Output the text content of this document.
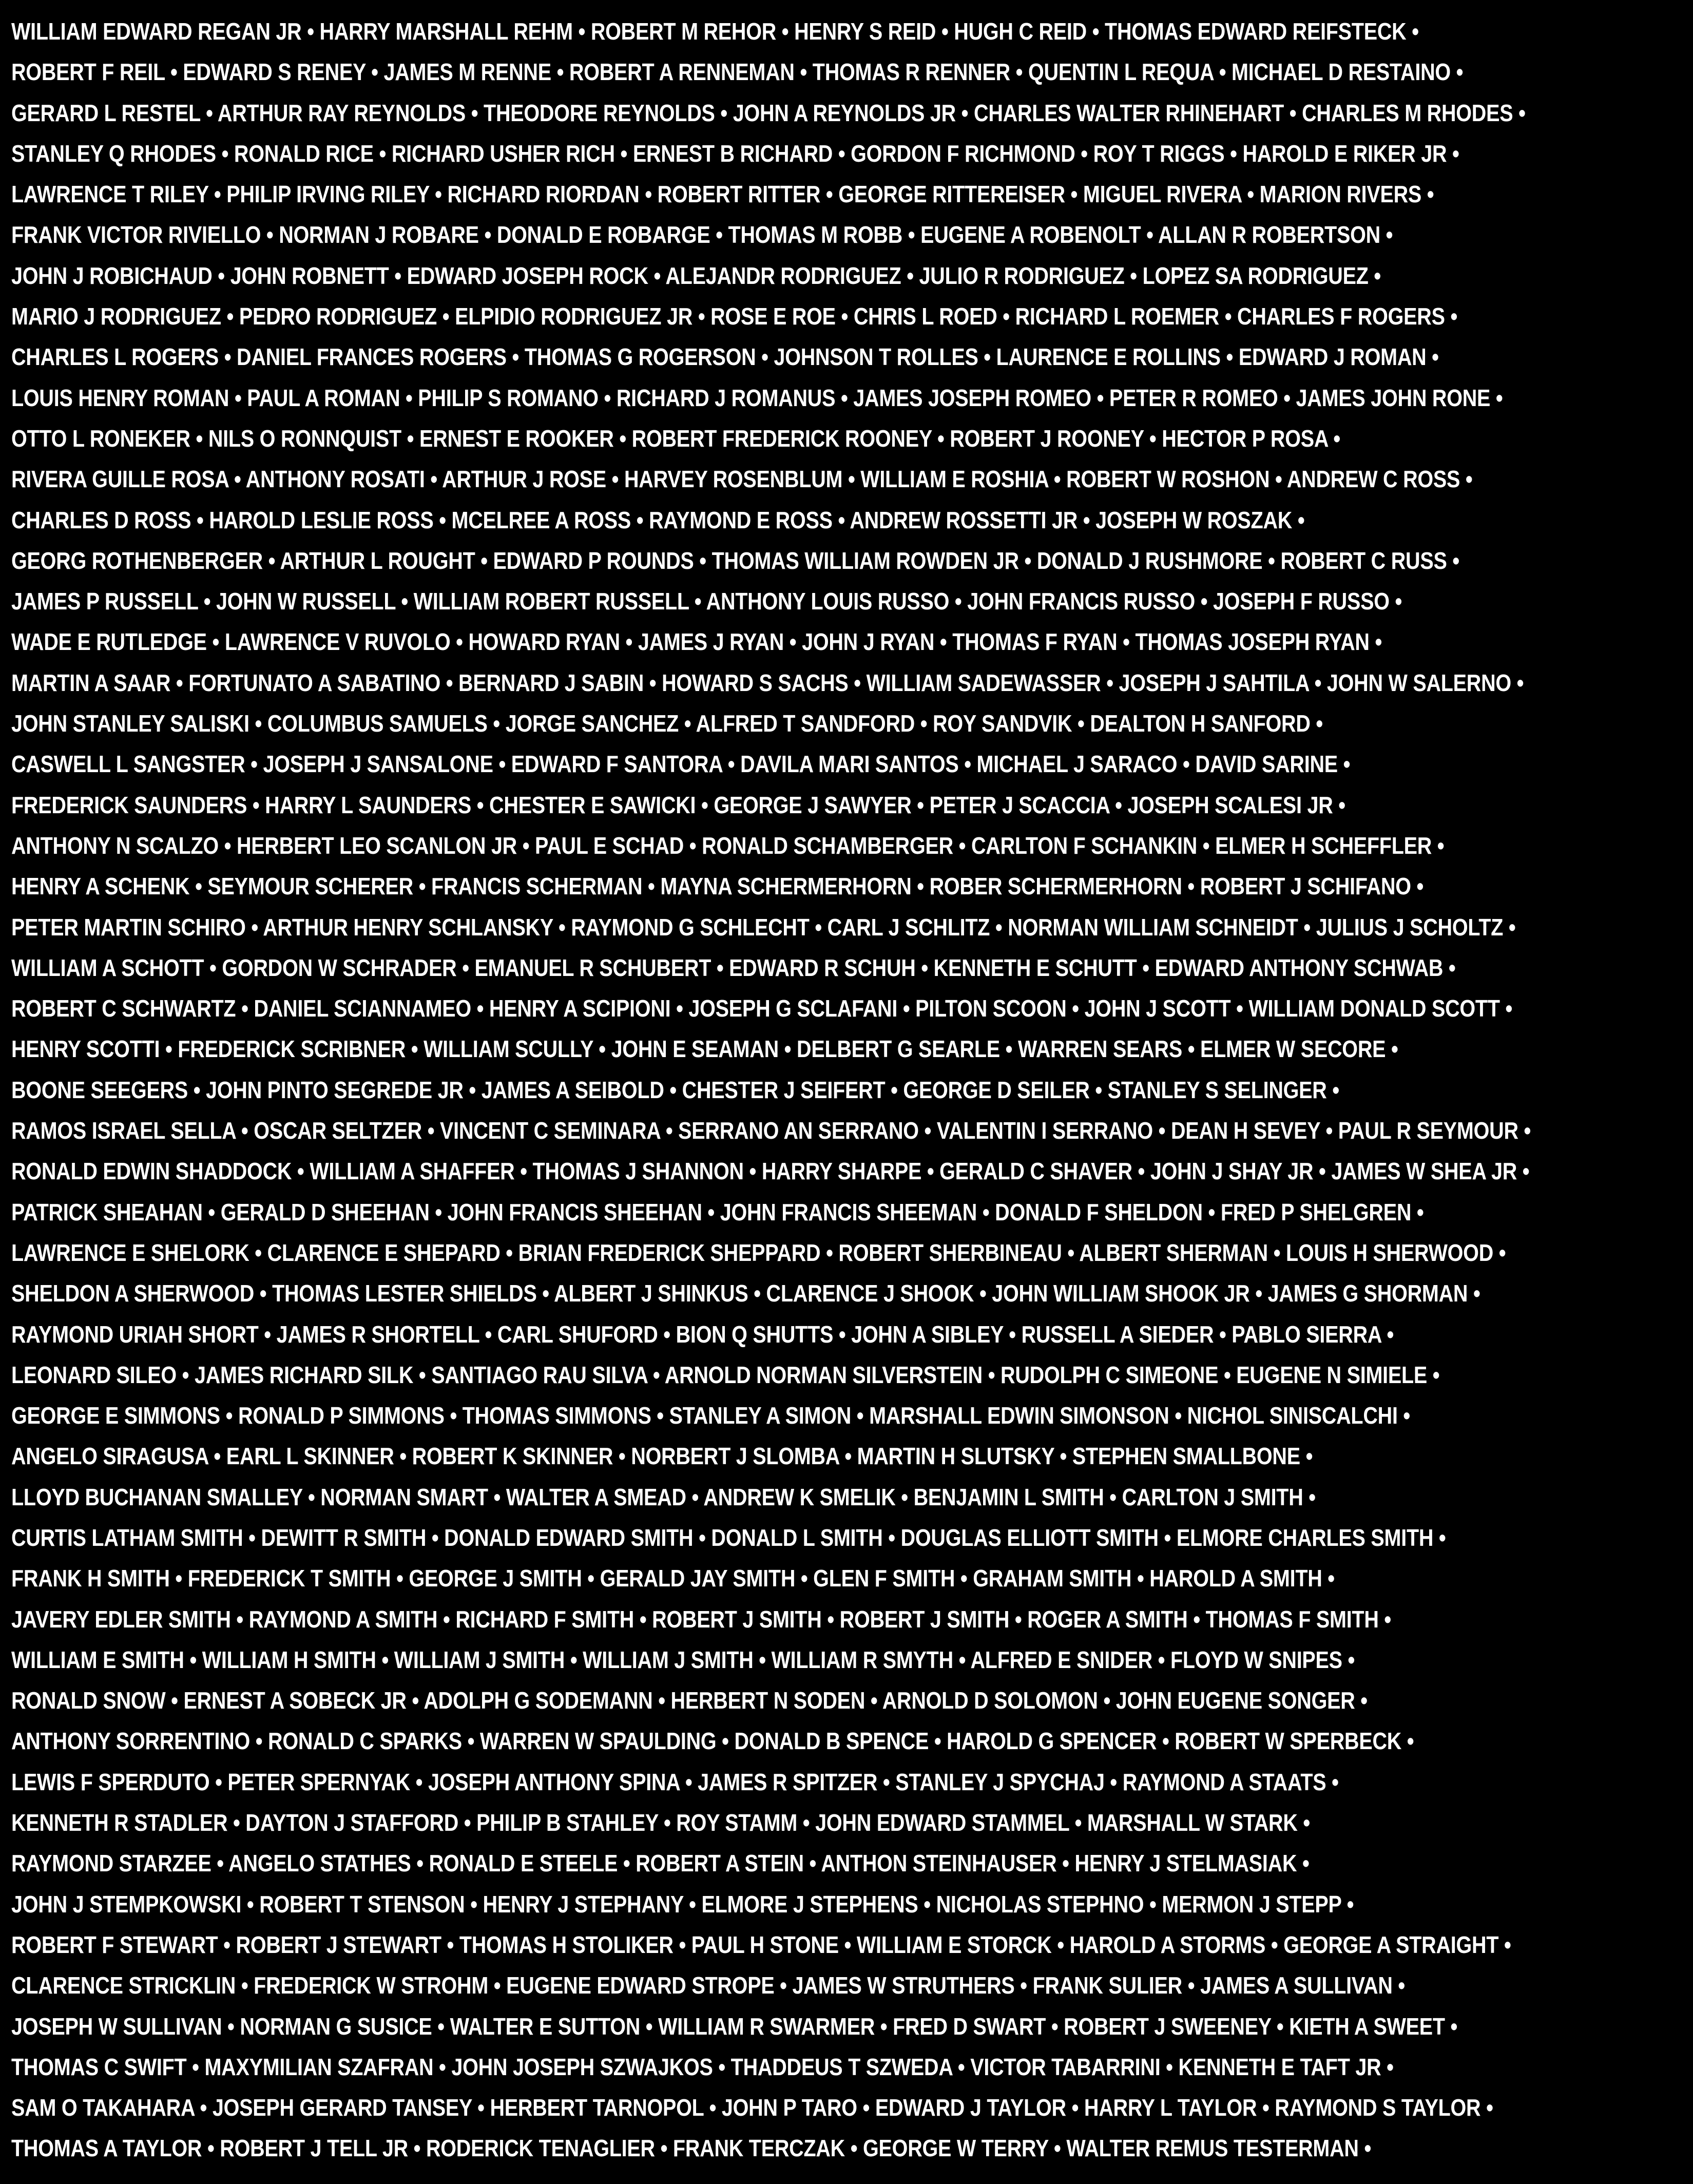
WILLIAM EDWARD REGAN JR • HARRY MARSHALL REHM • ROBERT M REHOR • HENRY S REID • HUGH C REID • THOMAS EDWARD REIFSTECK •
ROBERT F REIL • EDWARD S RENEY • JAMES M RENNE • ROBERT A RENNEMAN • THOMAS R RENNER • QUENTIN L REQUA • MICHAEL D RESTAINO •
GERARD L RESTEL • ARTHUR RAY REYNOLDS • THEODORE REYNOLDS • JOHN A REYNOLDS JR • CHARLES WALTER RHINEHART • CHARLES M RHODES •
STANLEY Q RHODES • RONALD RICE • RICHARD USHER RICH • ERNEST B RICHARD • GORDON F RICHMOND • ROY T RIGGS • HAROLD E RIKER JR •
LAWRENCE T RILEY • PHILIP IRVING RILEY • RICHARD RIORDAN • ROBERT RITTER • GEORGE RITTEREISER • MIGUEL RIVERA • MARION RIVERS •
FRANK VICTOR RIVIELLO • NORMAN J ROBARE • DONALD E ROBARGE • THOMAS M ROBB • EUGENE A ROBENOLT • ALLAN R ROBERTSON •
JOHN J ROBICHAUD • JOHN ROBNETT • EDWARD JOSEPH ROCK • ALEJANDR RODRIGUEZ • JULIO R RODRIGUEZ • LOPEZ SA RODRIGUEZ •
MARIO J RODRIGUEZ • PEDRO RODRIGUEZ • ELPIDIO RODRIGUEZ JR • ROSE E ROE • CHRIS L ROED • RICHARD L ROEMER • CHARLES F ROGERS •
CHARLES L ROGERS • DANIEL FRANCES ROGERS • THOMAS G ROGERSON • JOHNSON T ROLLES • LAURENCE E ROLLINS • EDWARD J ROMAN •
LOUIS HENRY ROMAN • PAUL A ROMAN • PHILIP S ROMANO • RICHARD J ROMANUS • JAMES JOSEPH ROMEO • PETER R ROMEO • JAMES JOHN RONE •
OTTO L RONEKER • NILS O RONNQUIST • ERNEST E ROOKER • ROBERT FREDERICK ROONEY • ROBERT J ROONEY • HECTOR P ROSA •
RIVERA GUILLE ROSA • ANTHONY ROSATI • ARTHUR J ROSE • HARVEY ROSENBLUM • WILLIAM E ROSHIA • ROBERT W ROSHON • ANDREW C ROSS •
CHARLES D ROSS • HAROLD LESLIE ROSS • MCELREE A ROSS • RAYMOND E ROSS • ANDREW ROSSETTI JR • JOSEPH W ROSZAK •
GEORG ROTHENBERGER • ARTHUR L ROUGHT • EDWARD P ROUNDS • THOMAS WILLIAM ROWDEN JR • DONALD J RUSHMORE • ROBERT C RUSS •
JAMES P RUSSELL • JOHN W RUSSELL • WILLIAM ROBERT RUSSELL • ANTHONY LOUIS RUSSO • JOHN FRANCIS RUSSO • JOSEPH F RUSSO •
WADE E RUTLEDGE • LAWRENCE V RUVOLO • HOWARD RYAN • JAMES J RYAN • JOHN J RYAN • THOMAS F RYAN • THOMAS JOSEPH RYAN •
MARTIN A SAAR • FORTUNATO A SABATINO • BERNARD J SABIN • HOWARD S SACHS • WILLIAM SADEWASSER • JOSEPH J SAHTILA • JOHN W SALERNO •
JOHN STANLEY SALISKI • COLUMBUS SAMUELS • JORGE SANCHEZ • ALFRED T SANDFORD • ROY SANDVIK • DEALTON H SANFORD •
CASWELL L SANGSTER • JOSEPH J SANSALONE • EDWARD F SANTORA • DAVILA MARI SANTOS • MICHAEL J SARACO • DAVID SARINE •
FREDERICK SAUNDERS • HARRY L SAUNDERS • CHESTER E SAWICKI • GEORGE J SAWYER • PETER J SCACCIA • JOSEPH SCALESI JR •
ANTHONY N SCALZO • HERBERT LEO SCANLON JR • PAUL E SCHAD • RONALD SCHAMBERGER • CARLTON F SCHANKIN • ELMER H SCHEFFLER •
HENRY A SCHENK • SEYMOUR SCHERER • FRANCIS SCHERMAN • MAYNA SCHERMERHORN • ROBER SCHERMERHORN • ROBERT J SCHIFANO •
PETER MARTIN SCHIRO • ARTHUR HENRY SCHLANSKY • RAYMOND G SCHLECHT • CARL J SCHLITZ • NORMAN WILLIAM SCHNEIDT • JULIUS J SCHOLTZ •
WILLIAM A SCHOTT • GORDON W SCHRADER • EMANUEL R SCHUBERT • EDWARD R SCHUH • KENNETH E SCHUTT • EDWARD ANTHONY SCHWAB •
ROBERT C SCHWARTZ • DANIEL SCIANNAMEO • HENRY A SCIPIONI • JOSEPH G SCLAFANI • PILTON SCOON • JOHN J SCOTT • WILLIAM DONALD SCOTT •
HENRY SCOTTI • FREDERICK SCRIBNER • WILLIAM SCULLY • JOHN E SEAMAN • DELBERT G SEARLE • WARREN SEARS • ELMER W SECORE •
BOONE SEEGERS • JOHN PINTO SEGREDE JR • JAMES A SEIBOLD • CHESTER J SEIFERT • GEORGE D SEILER • STANLEY S SELINGER •
RAMOS ISRAEL SELLA • OSCAR SELTZER • VINCENT C SEMINARA • SERRANO AN SERRANO • VALENTIN I SERRANO • DEAN H SEVEY • PAUL R SEYMOUR •
RONALD EDWIN SHADDOCK • WILLIAM A SHAFFER • THOMAS J SHANNON • HARRY SHARPE • GERALD C SHAVER • JOHN J SHAY JR • JAMES W SHEA JR •
PATRICK SHEAHAN • GERALD D SHEEHAN • JOHN FRANCIS SHEEHAN • JOHN FRANCIS SHEEMAN • DONALD F SHELDON • FRED P SHELGREN •
LAWRENCE E SHELORK • CLARENCE E SHEPARD • BRIAN FREDERICK SHEPPARD • ROBERT SHERBINEAU • ALBERT SHERMAN • LOUIS H SHERWOOD •
SHELDON A SHERWOOD • THOMAS LESTER SHIELDS • ALBERT J SHINKUS • CLARENCE J SHOOK • JOHN WILLIAM SHOOK JR • JAMES G SHORMAN •
RAYMOND URIAH SHORT • JAMES R SHORTELL • CARL SHUFORD • BION Q SHUTTS • JOHN A SIBLEY • RUSSELL A SIEDER • PABLO SIERRA •
LEONARD SILEO • JAMES RICHARD SILK • SANTIAGO RAU SILVA • ARNOLD NORMAN SILVERSTEIN • RUDOLPH C SIMEONE • EUGENE N SIMIELE •
GEORGE E SIMMONS • RONALD P SIMMONS • THOMAS SIMMONS • STANLEY A SIMON • MARSHALL EDWIN SIMONSON • NICHOL SINISCALCHI •
ANGELO SIRAGUSA • EARL L SKINNER • ROBERT K SKINNER • NORBERT J SLOMBA • MARTIN H SLUTSKY • STEPHEN SMALLBONE •
LLOYD BUCHANAN SMALLEY • NORMAN SMART • WALTER A SMEAD • ANDREW K SMELIK • BENJAMIN L SMITH • CARLTON J SMITH •
CURTIS LATHAM SMITH • DEWITT R SMITH • DONALD EDWARD SMITH • DONALD L SMITH • DOUGLAS ELLIOTT SMITH • ELMORE CHARLES SMITH •
FRANK H SMITH • FREDERICK T SMITH • GEORGE J SMITH • GERALD JAY SMITH • GLEN F SMITH • GRAHAM SMITH • HAROLD A SMITH •
JAVERY EDLER SMITH • RAYMOND A SMITH • RICHARD F SMITH • ROBERT J SMITH • ROBERT J SMITH • ROGER A SMITH • THOMAS F SMITH •
WILLIAM E SMITH • WILLIAM H SMITH • WILLIAM J SMITH • WILLIAM J SMITH • WILLIAM R SMYTH • ALFRED E SNIDER • FLOYD W SNIPES •
RONALD SNOW • ERNEST A SOBECK JR • ADOLPH G SODEMANN • HERBERT N SODEN • ARNOLD D SOLOMON • JOHN EUGENE SONGER •
ANTHONY SORRENTINO • RONALD C SPARKS • WARREN W SPAULDING • DONALD B SPENCE • HAROLD G SPENCER • ROBERT W SPERBECK •
LEWIS F SPERDUTO • PETER SPERNYAK • JOSEPH ANTHONY SPINA • JAMES R SPITZER • STANLEY J SPYCHAJ • RAYMOND A STAATS •
KENNETH R STADLER • DAYTON J STAFFORD • PHILIP B STAHLEY • ROY STAMM • JOHN EDWARD STAMMEL • MARSHALL W STARK •
RAYMOND STARZEE • ANGELO STATHES • RONALD E STEELE • ROBERT A STEIN • ANTHON STEINHAUSER • HENRY J STELMASIAK •
JOHN J STEMPKOWSKI • ROBERT T STENSON • HENRY J STEPHANY • ELMORE J STEPHENS • NICHOLAS STEPHNO • MERMON J STEPP •
ROBERT F STEWART • ROBERT J STEWART • THOMAS H STOLIKER • PAUL H STONE • WILLIAM E STORCK • HAROLD A STORMS • GEORGE A STRAIGHT •
CLARENCE STRICKLIN • FREDERICK W STROHM • EUGENE EDWARD STROPE • JAMES W STRUTHERS • FRANK SULIER • JAMES A SULLIVAN •
JOSEPH W SULLIVAN • NORMAN G SUSICE • WALTER E SUTTON • WILLIAM R SWARMER • FRED D SWART • ROBERT J SWEENEY • KIETH A SWEET •
THOMAS C SWIFT • MAXYMILIAN SZAFRAN • JOHN JOSEPH SZWAJKOS • THADDEUS T SZWEDA • VICTOR TABARRINI • KENNETH E TAFT JR •
SAM O TAKAHARA • JOSEPH GERARD TANSEY • HERBERT TARNOPOL • JOHN P TARO • EDWARD J TAYLOR • HARRY L TAYLOR • RAYMOND S TAYLOR •
THOMAS A TAYLOR • ROBERT J TELL JR • RODERICK TENAGLIER • FRANK TERCZAK • GEORGE W TERRY • WALTER REMUS TESTERMAN •
